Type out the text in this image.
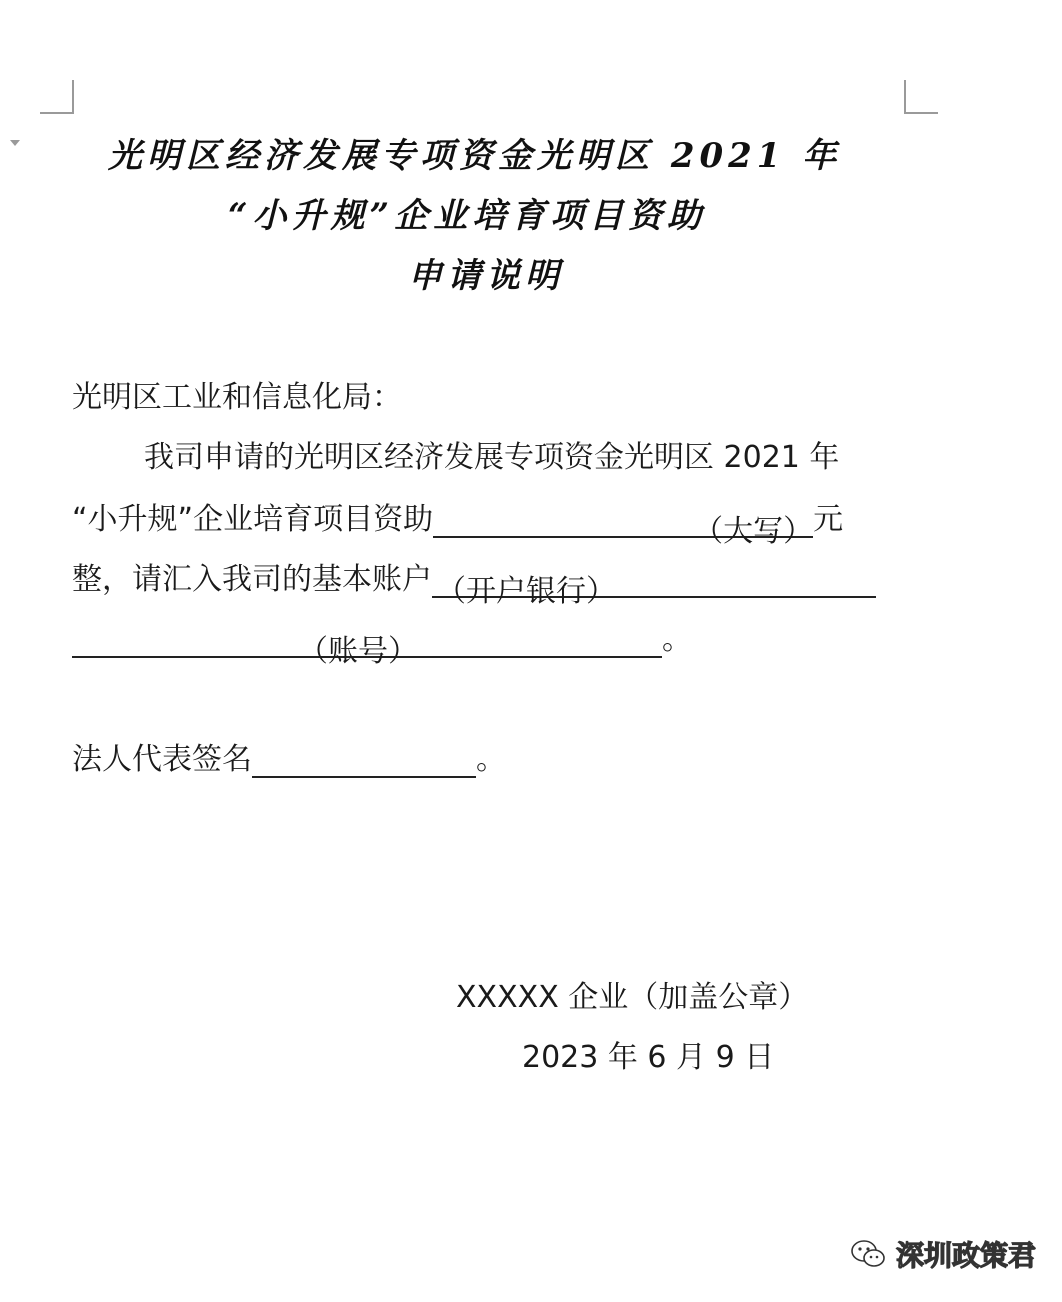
光明区经济发展专项资金光明区 2021 年
“小升规”企业培育项目资助
申请说明
光明区工业和信息化局：
我司申请的光明区经济发展专项资金光明区 2021 年
“小升规”企业培育项目资助	（大写）元
整，请汇入我司的基本账户 （开户银行）
（账号）	。
法人代表签名	。
XXXXX 企业（加盖公章）
2023 年 6 月 9 日
深圳政策君
